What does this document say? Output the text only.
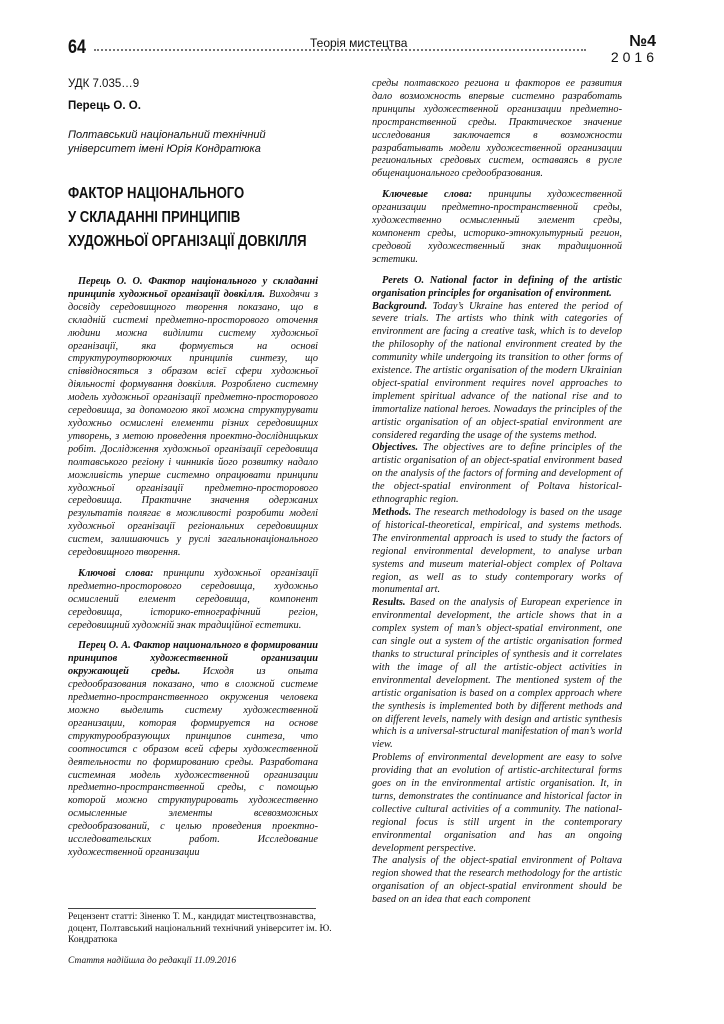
64	Теорія мистецтва	№4
2016
УДК 7.035…9
Перець О. О.
Полтавський національний технічний університет імені Юрія Кондратюка
ФАКТОР НАЦІОНАЛЬНОГО
У СКЛАДАННІ ПРИНЦИПІВ
ХУДОЖНЬОЇ ОРГАНІЗАЦІЇ ДОВКІЛЛЯ

Перець О. О. Фактор національного у складанні принципів художньої організації довкілля. Виходячи з досвіду середовищного творення показано, що в складній системі предметно-просторового оточення людини можна виділити систему художньої організації, яка формується на основі структуроутворюючих принципів синтезу, що співвідносяться з образом всієї сфери художньої діяльності формування довкілля. Розроблено системну модель художньої організації предметно-просторового середовища, за допомогою якої можна структурувати художньо осмислені елементи різних середовищних утворень, з метою проведення проектно-дослідницьких робіт. Дослідження художньої організації середовища полтавського регіону і чинників його розвитку надало можливість уперше системно опрацювати принципи художньої організації предметно-просторового середовища. Практичне значення одержаних результатів полягає в можливості розробити моделі художньої організації регіональних середовищних систем, залишаючись у руслі загальнонаціонального середовищного творення.

Ключові слова: принципи художньої організації предметно-просторового середовища, художньо осмислений елемент середовища, компонент середовища, історико-етнографічний регіон, середовищний художній знак традиційної естетики.

Перец О. А. Фактор национального в формировании принципов художественной организации окружающей среды. Исходя из опыта средообразования показано, что в сложной системе предметно-пространственного окружения человека можно выделить систему художественной организации, которая формируется на основе структурообразующих принципов синтеза, что соотносится с образом всей сферы художественной деятельности по формированию среды. Разработана системная модель художественной организации предметно-пространственной среды, с помощью которой можно структурировать художественно осмысленные элементы всевозможных средообразований, с целью проведения проектно-исследовательских работ. Исследование художественной организации

среды полтавского региона и факторов ее развития дало возможность впервые системно разработать принципы художественной организации предметно-пространственной среды. Практическое значение исследования заключается в возможности разрабатывать модели художественной организации региональных средовых систем, оставаясь в русле общенационального средообразования.

Ключевые слова: принципы художественной организации предметно-пространственной среды, художественно осмысленный элемент среды, компонент среды, историко-этнокультурный регион, средовой художественный знак традиционной эстетики.

Perets O. National factor in defining of the artistic organisation principles for organisation of environment.

Background. Today’s Ukraine has entered the period of severe trials. The artists who think with categories of environment are facing a creative task, which is to develop the philosophy of the national environment created by the community while undergoing its transition to other forms of existence. The artistic organisation of the modern Ukrainian object-spatial environment requires novel approaches to implement spiritual advance of the national rise and to immortalize national heroes. Nowadays the principles of the artistic organisation of an object-spatial environment are considered regarding the usage of the systems method.

Objectives. The objectives are to define principles of the artistic organisation of an object-spatial environment based on the analysis of the factors of forming and development of the object-spatial environment of Poltava historical-ethnographic region.

Methods. The research methodology is based on the usage of historical-theoretical, empirical, and systems methods. The environmental approach is used to study the factors of regional environmental development, to analyse urban systems and museum material-object complex of Poltava region, as well as to study contemporary works of monumental art.

Results. Based on the analysis of European experience in environmental development, the article shows that in a complex system of man’s object-spatial environment, one can single out a system of the artistic organisation formed thanks to structural principles of synthesis and it correlates with the image of all the artistic-object activities in environmental development. The mentioned system of the artistic organisation is based on a complex approach where the synthesis is implemented both by different methods and on different levels, namely with design and artistic synthesis which is a universal-structural manifestation of man’s world view.

Problems of environmental development are easy to solve providing that an evolution of artistic-architectural forms goes on in the environmental artistic organisation. It, in turns, demonstrates the continuance and historical factor in collective cultural activities of a community. The national-regional focus is still urgent in the contemporary environmental organisation and has an ongoing development perspective.

The analysis of the object-spatial environment of Poltava region showed that the research methodology for the artistic organisation of an object-spatial environment should be based on an idea that each component

Рецензент статті: Зіненко Т. М., кандидат мистецтвознавства, доцент, Полтавський національний технічний університет ім. Ю. Кондратюка
Стаття надійшла до редакції 11.09.2016
